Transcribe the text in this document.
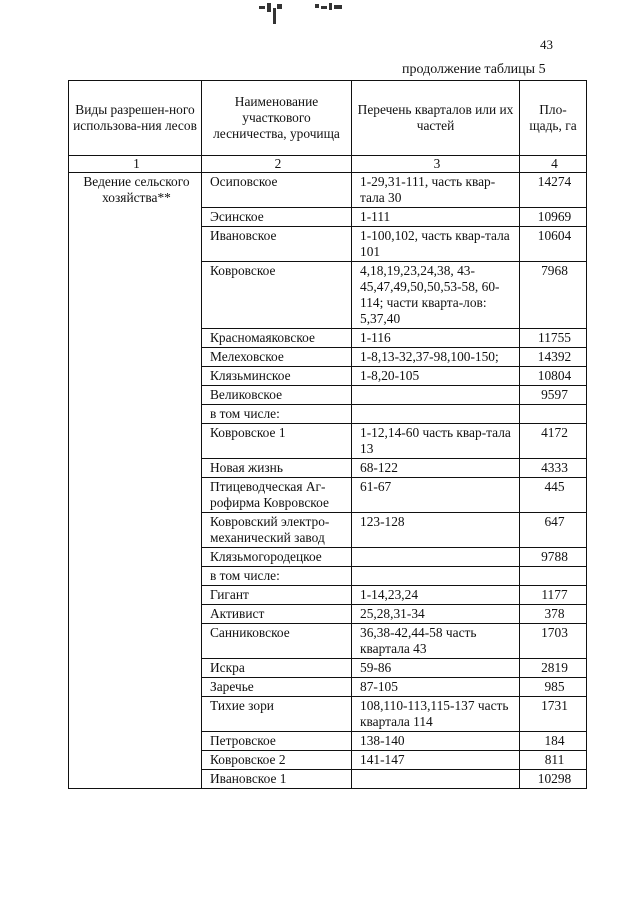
43
продолжение таблицы 5
Виды разрешен-ного использова-ния лесов	Наименование участкового лесничества, урочища	Перечень кварталов или их частей	Пло-щадь, га
1	2	3	4
Ведение сельского хозяйства**	Осиповское	1-29,31-111, часть квар-тала 30	14274
	Эсинское	1-111	10969
	Ивановское	1-100,102, часть квар-тала 101	10604
	Ковровское	4,18,19,23,24,38, 43-45,47,49,50,50,53-58, 60-114; части кварта-лов: 5,37,40	7968
	Красномаяковское	1-116	11755
	Мелеховское	1-8,13-32,37-98,100-150;	14392
	Клязьминское	1-8,20-105	10804
	Великовское		9597
	в том числе:		
	Ковровское 1	1-12,14-60 часть квар-тала 13	4172
	Новая жизнь	68-122	4333
	Птицеводческая Аг-рофирма Ковровское	61-67	445
	Ковровский электро-механический завод	123-128	647
	Клязьмогородецкое		9788
	в том числе:		
	Гигант	1-14,23,24	1177
	Активист	25,28,31-34	378
	Санниковское	36,38-42,44-58 часть квартала 43	1703
	Искра	59-86	2819
	Заречье	87-105	985
	Тихие зори	108,110-113,115-137 часть квартала 114	1731
	Петровское	138-140	184
	Ковровское 2	141-147	811
	Ивановское 1		10298
